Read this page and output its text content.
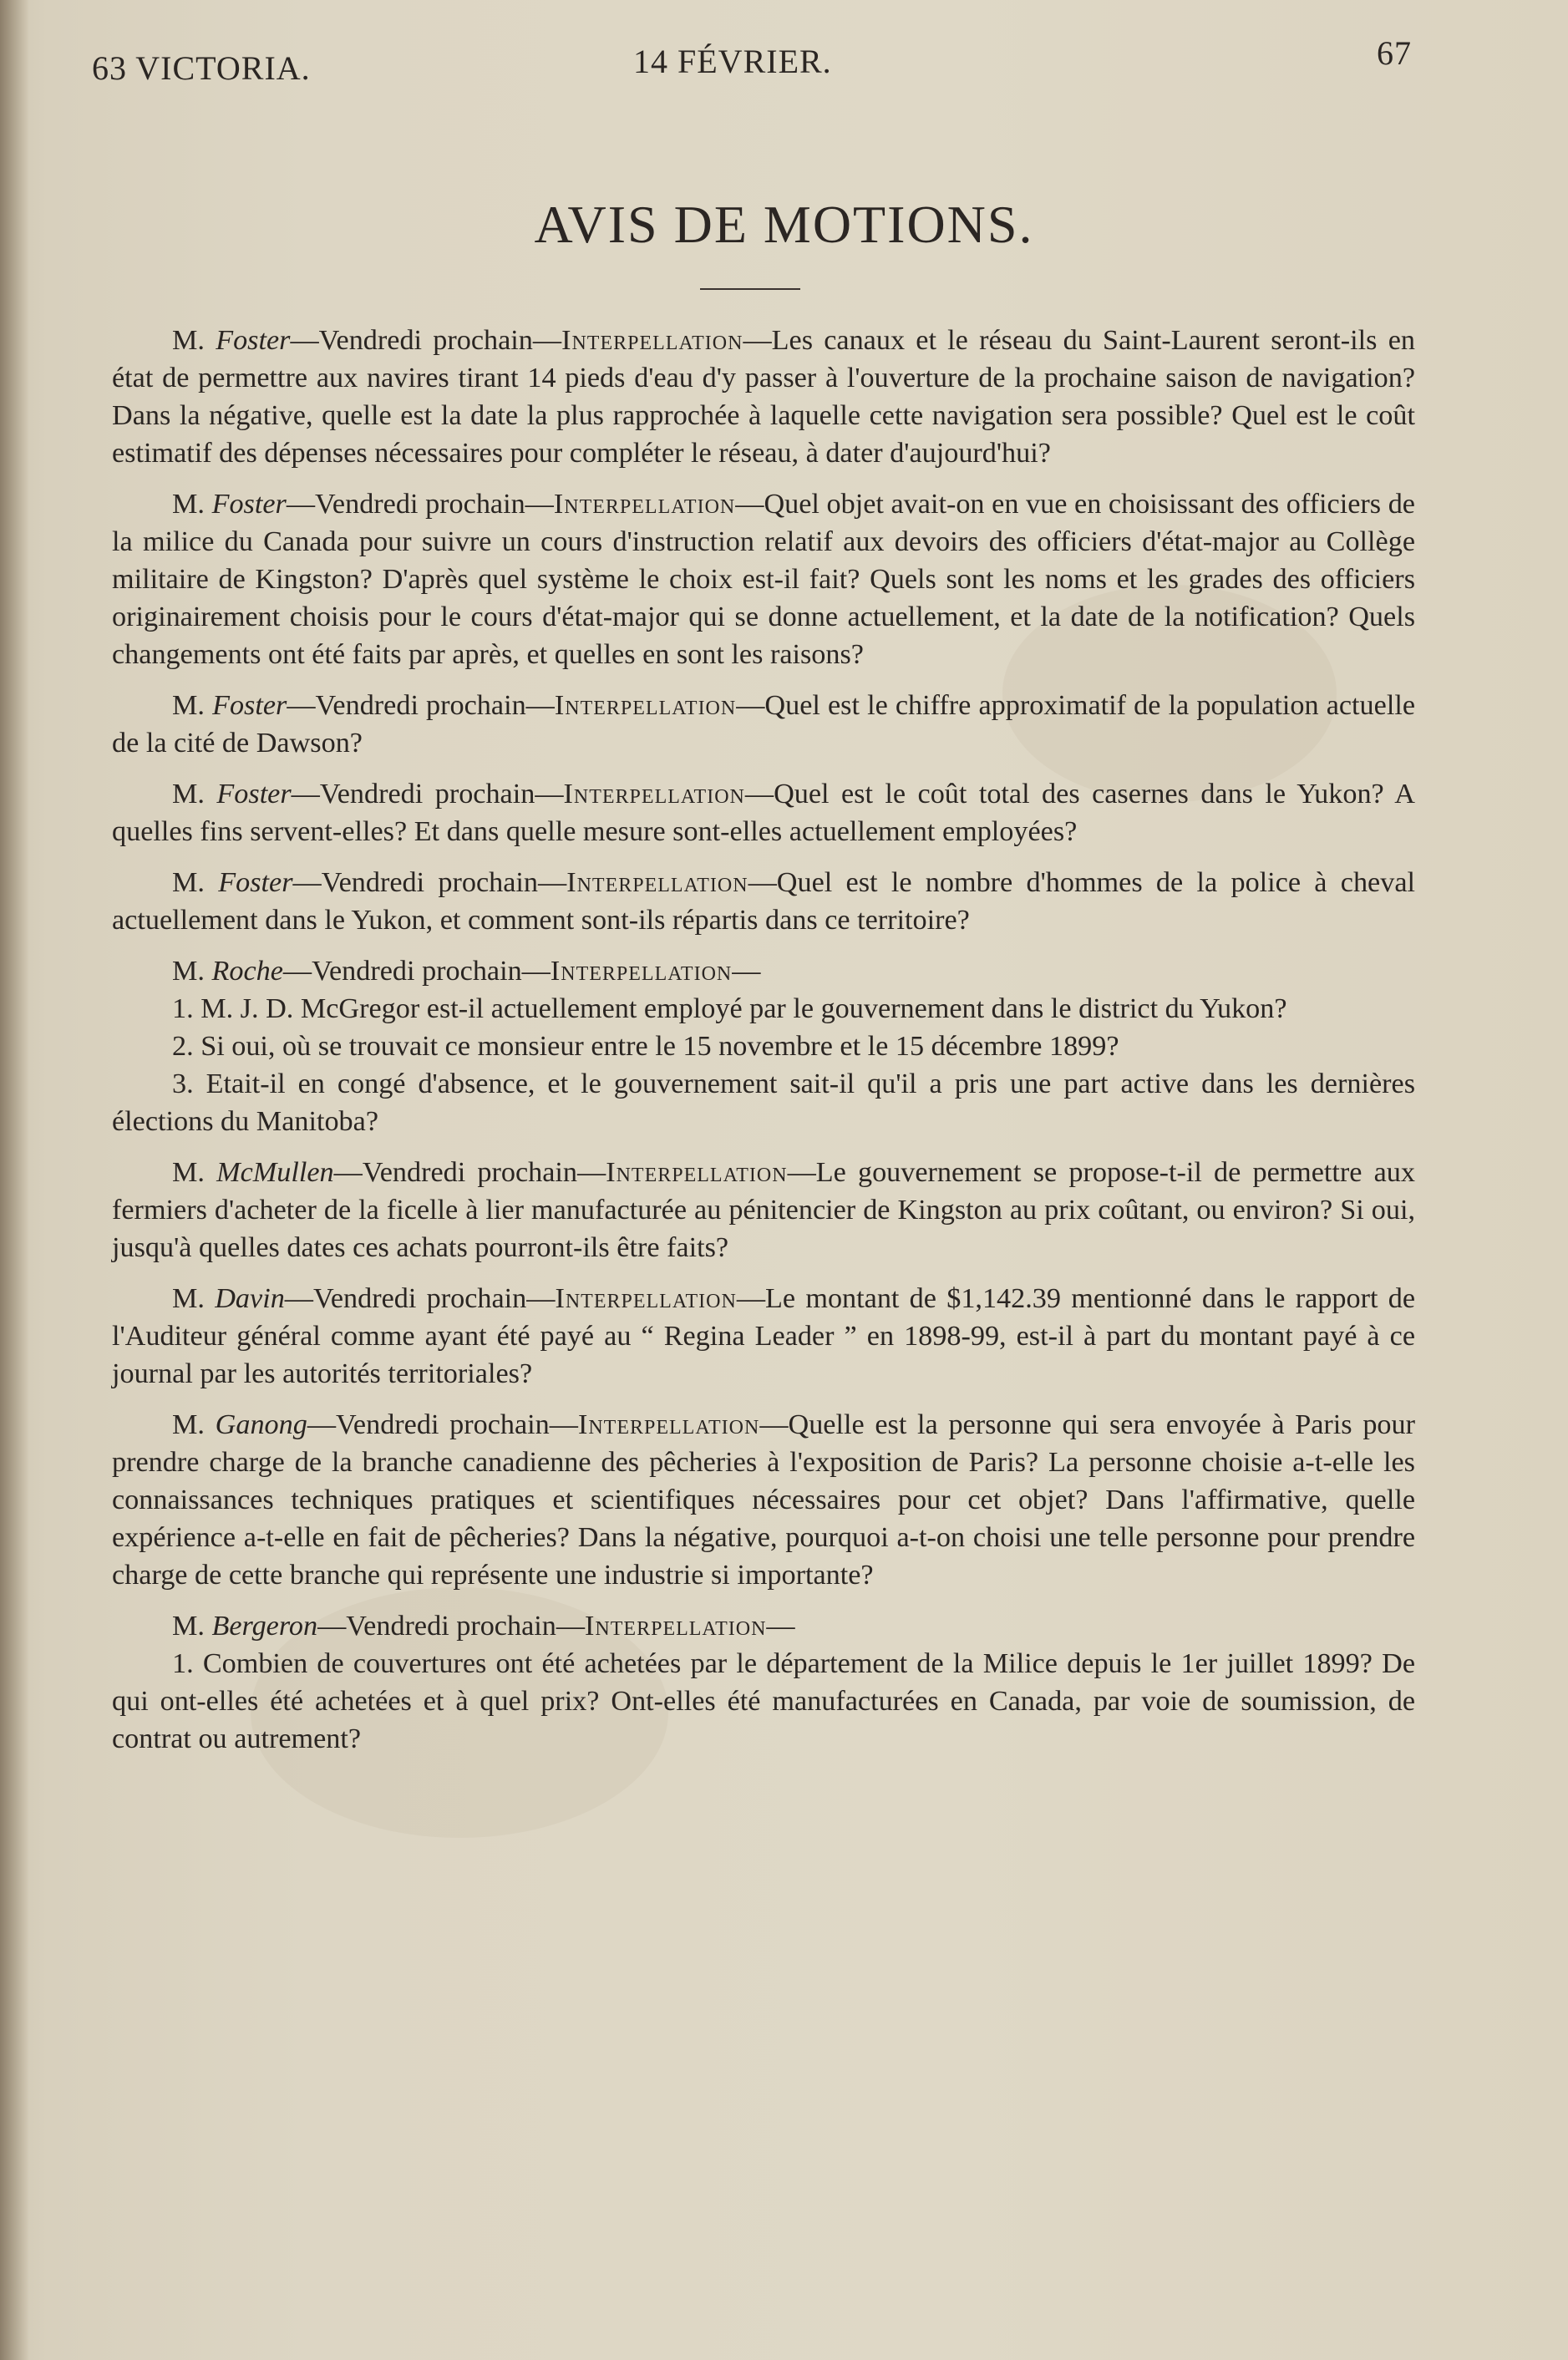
63 VICTORIA.	14 FÉVRIER.	67
AVIS DE MOTIONS.

M. Foster—Vendredi prochain—Interpellation—Les canaux et le réseau du Saint-Laurent seront-ils en état de permettre aux navires tirant 14 pieds d'eau d'y passer à l'ouverture de la prochaine saison de navigation? Dans la négative, quelle est la date la plus rapprochée à laquelle cette navigation sera possible? Quel est le coût estimatif des dépenses nécessaires pour compléter le réseau, à dater d'aujourd'hui?

M. Foster—Vendredi prochain—Interpellation—Quel objet avait-on en vue en choisissant des officiers de la milice du Canada pour suivre un cours d'instruction relatif aux devoirs des officiers d'état-major au Collège militaire de Kingston? D'après quel système le choix est-il fait? Quels sont les noms et les grades des officiers originairement choisis pour le cours d'état-major qui se donne actuellement, et la date de la notification? Quels changements ont été faits par après, et quelles en sont les raisons?

M. Foster—Vendredi prochain—Interpellation—Quel est le chiffre approximatif de la population actuelle de la cité de Dawson?

M. Foster—Vendredi prochain—Interpellation—Quel est le coût total des casernes dans le Yukon? A quelles fins servent-elles? Et dans quelle mesure sont-elles actuellement employées?

M. Foster—Vendredi prochain—Interpellation—Quel est le nombre d'hommes de la police à cheval actuellement dans le Yukon, et comment sont-ils répartis dans ce territoire?

M. Roche—Vendredi prochain—Interpellation—

1. M. J. D. McGregor est-il actuellement employé par le gouvernement dans le district du Yukon?

2. Si oui, où se trouvait ce monsieur entre le 15 novembre et le 15 décembre 1899?

3. Etait-il en congé d'absence, et le gouvernement sait-il qu'il a pris une part active dans les dernières élections du Manitoba?

M. McMullen—Vendredi prochain—Interpellation—Le gouvernement se propose-t-il de permettre aux fermiers d'acheter de la ficelle à lier manufacturée au pénitencier de Kingston au prix coûtant, ou environ? Si oui, jusqu'à quelles dates ces achats pourront-ils être faits?

M. Davin—Vendredi prochain—Interpellation—Le montant de $1,142.39 mentionné dans le rapport de l'Auditeur général comme ayant été payé au “ Regina Leader ” en 1898-99, est-il à part du montant payé à ce journal par les autorités territoriales?

M. Ganong—Vendredi prochain—Interpellation—Quelle est la personne qui sera envoyée à Paris pour prendre charge de la branche canadienne des pêcheries à l'exposition de Paris? La personne choisie a-t-elle les connaissances techniques pratiques et scientifiques nécessaires pour cet objet? Dans l'affirmative, quelle expérience a-t-elle en fait de pêcheries? Dans la négative, pourquoi a-t-on choisi une telle personne pour prendre charge de cette branche qui représente une industrie si importante?

M. Bergeron—Vendredi prochain—Interpellation—

1. Combien de couvertures ont été achetées par le département de la Milice depuis le 1er juillet 1899? De qui ont-elles été achetées et à quel prix? Ont-elles été manufacturées en Canada, par voie de soumission, de contrat ou autrement?
